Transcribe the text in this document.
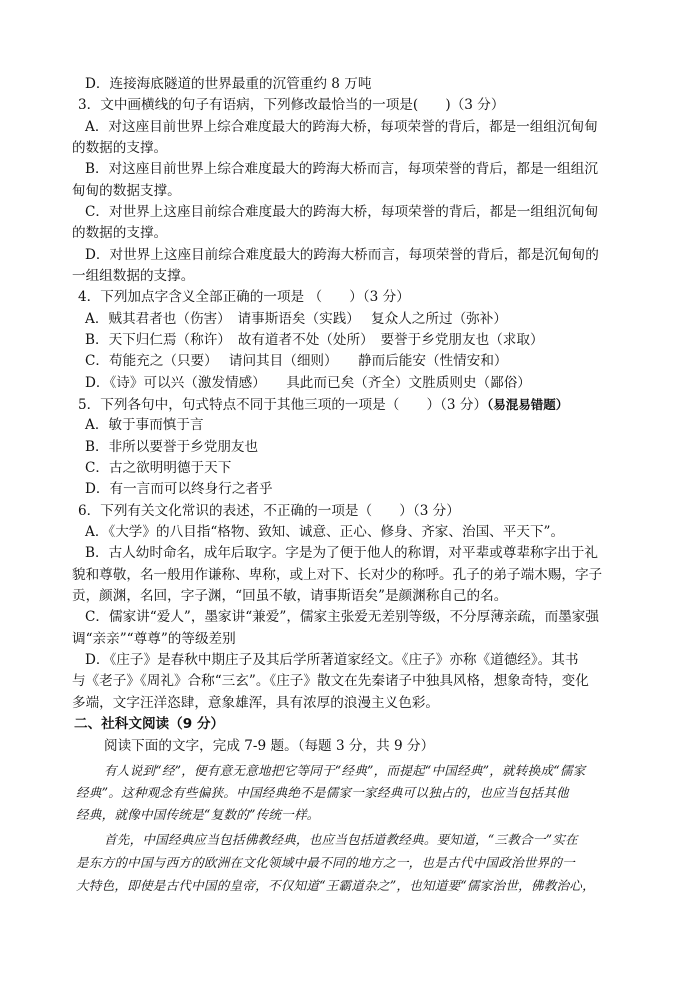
D．连接海底隧道的世界最重的沉管重约 8 万吨
3．文中画横线的句子有语病，下列修改最恰当的一项是(　　)（3 分）
A．对这座目前世界上综合难度最大的跨海大桥，每项荣誉的背后，都是一组组沉甸甸
的数据的支撑。
B．对这座目前世界上综合难度最大的跨海大桥而言，每项荣誉的背后，都是一组组沉
甸甸的数据支撑。
C．对世界上这座目前综合难度最大的跨海大桥，每项荣誉的背后，都是一组组沉甸甸
的数据的支撑。
D．对世界上这座目前综合难度最大的跨海大桥而言，每项荣誉的背后，都是沉甸甸的
一组组数据的支撑。
4．下列加点字含义全部正确的一项是 （　　）（3 分）
A．贼其君者也（伤害）　请事斯语矣（实践）　 复众人之所过（弥补）
B．天下归仁焉（称许）　故有道者不处（处所）　要誉于乡党朋友也（求取）
C．苟能充之（只要）　 请问其目（细则）　　静而后能安（性情安和）
D．《诗》可以兴（激发情感）　　具此而已矣（齐全）文胜质则史（鄙俗）
5．下列各句中，句式特点不同于其他三项的一项是（　　）（3 分）（易混易错题）
A．敏于事而慎于言
B．非所以要誉于乡党朋友也
C．古之欲明明德于天下
D．有一言而可以终身行之者乎
6．下列有关文化常识的表述，不正确的一项是（　　）（3 分）
A．《大学》的八目指“格物、致知、诚意、正心、修身、齐家、治国、平天下”。
B．古人幼时命名，成年后取字。字是为了便于他人的称谓，对平辈或尊辈称字出于礼
貌和尊敬，名一般用作谦称、卑称，或上对下、长对少的称呼。孔子的弟子端木赐，字子
贡，颜渊，名回，字子渊，“回虽不敏，请事斯语矣”是颜渊称自己的名。
C．儒家讲“爱人”，墨家讲“兼爱”，儒家主张爱无差别等级，不分厚薄亲疏，而墨家强
调“亲亲”“尊尊”的等级差别
D．《庄子》是春秋中期庄子及其后学所著道家经文。《庄子》亦称《道德经》。其书
与《老子》《周礼》合称“三玄”。《庄子》散文在先秦诸子中独具风格，想象奇特，变化
多端，文字汪洋恣肆，意象雄浑，具有浓厚的浪漫主义色彩。
二、社科文阅读（9 分）
阅读下面的文字，完成 7-9 题。（每题 3 分，共 9 分）
有人说到“经”，便有意无意地把它等同于“经典”，而提起“中国经典”，就转换成“儒家
经典”。这种观念有些偏狭。中国经典绝不是儒家一家经典可以独占的，也应当包括其他
经典，就像中国传统是“复数的”传统一样。
首先，中国经典应当包括佛教经典，也应当包括道教经典。要知道，“三教合一”实在
是东方的中国与西方的欧洲在文化领域中最不同的地方之一，也是古代中国政治世界的一
大特色，即使是古代中国的皇帝，不仅知道“王霸道杂之”，也知道要“儒家治世，佛教治心，
